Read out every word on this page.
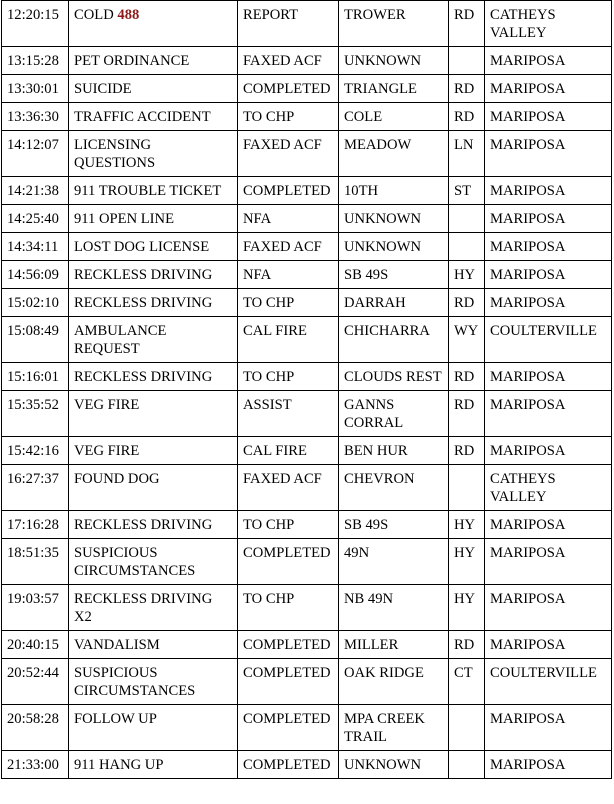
12:20:15	COLD 488	REPORT	TROWER	RD	CATHEYS VALLEY
13:15:28	PET ORDINANCE	FAXED ACF	UNKNOWN		MARIPOSA
13:30:01	SUICIDE	COMPLETED	TRIANGLE	RD	MARIPOSA
13:36:30	TRAFFIC ACCIDENT	TO CHP	COLE	RD	MARIPOSA
14:12:07	LICENSING QUESTIONS	FAXED ACF	MEADOW	LN	MARIPOSA
14:21:38	911 TROUBLE TICKET	COMPLETED	10TH	ST	MARIPOSA
14:25:40	911 OPEN LINE	NFA	UNKNOWN		MARIPOSA
14:34:11	LOST DOG LICENSE	FAXED ACF	UNKNOWN		MARIPOSA
14:56:09	RECKLESS DRIVING	NFA	SB 49S	HY	MARIPOSA
15:02:10	RECKLESS DRIVING	TO CHP	DARRAH	RD	MARIPOSA
15:08:49	AMBULANCE REQUEST	CAL FIRE	CHICHARRA	WY	COULTERVILLE
15:16:01	RECKLESS DRIVING	TO CHP	CLOUDS REST	RD	MARIPOSA
15:35:52	VEG FIRE	ASSIST	GANNS CORRAL	RD	MARIPOSA
15:42:16	VEG FIRE	CAL FIRE	BEN HUR	RD	MARIPOSA
16:27:37	FOUND DOG	FAXED ACF	CHEVRON		CATHEYS VALLEY
17:16:28	RECKLESS DRIVING	TO CHP	SB 49S	HY	MARIPOSA
18:51:35	SUSPICIOUS CIRCUMSTANCES	COMPLETED	49N	HY	MARIPOSA
19:03:57	RECKLESS DRIVING X2	TO CHP	NB 49N	HY	MARIPOSA
20:40:15	VANDALISM	COMPLETED	MILLER	RD	MARIPOSA
20:52:44	SUSPICIOUS CIRCUMSTANCES	COMPLETED	OAK RIDGE	CT	COULTERVILLE
20:58:28	FOLLOW UP	COMPLETED	MPA CREEK TRAIL		MARIPOSA
21:33:00	911 HANG UP	COMPLETED	UNKNOWN		MARIPOSA
